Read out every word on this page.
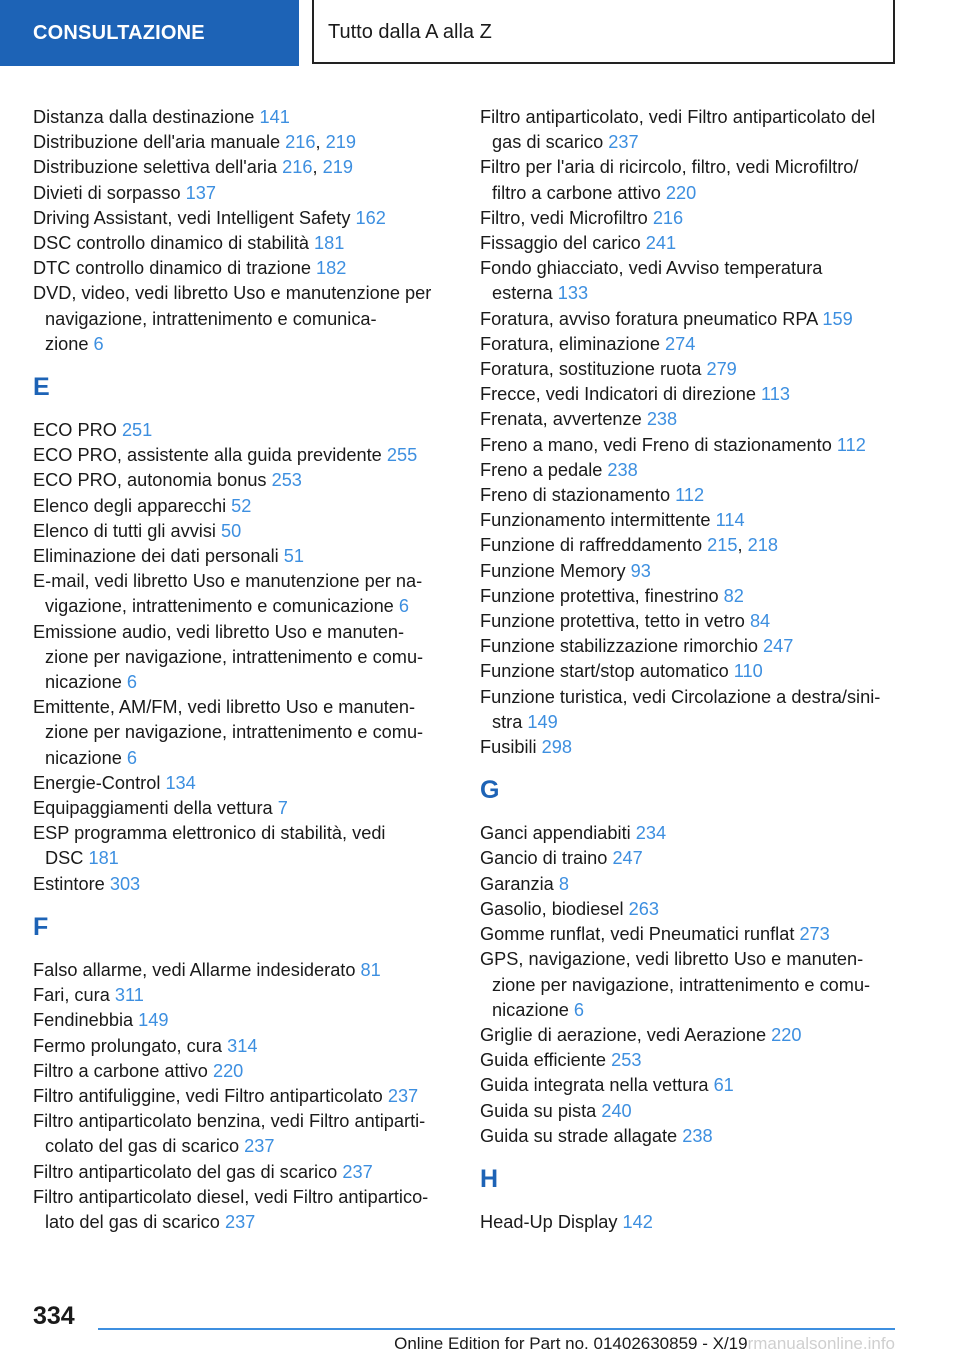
CONSULTAZIONE	Tutto dalla A alla Z
Distanza dalla destinazione 141
Distribuzione dell'aria manuale 216, 219
Distribuzione selettiva dell'aria 216, 219
Divieti di sorpasso 137
Driving Assistant, vedi Intelligent Safety 162
DSC controllo dinamico di stabilità 181
DTC controllo dinamico di trazione 182
DVD, video, vedi libretto Uso e manutenzione per
navigazione, intrattenimento e comunica-
zione 6
E
ECO PRO 251
ECO PRO, assistente alla guida previdente 255
ECO PRO, autonomia bonus 253
Elenco degli apparecchi 52
Elenco di tutti gli avvisi 50
Eliminazione dei dati personali 51
E-mail, vedi libretto Uso e manutenzione per na-
vigazione, intrattenimento e comunicazione 6
Emissione audio, vedi libretto Uso e manuten-
zione per navigazione, intrattenimento e comu-
nicazione 6
Emittente, AM/FM, vedi libretto Uso e manuten-
zione per navigazione, intrattenimento e comu-
nicazione 6
Energie-Control 134
Equipaggiamenti della vettura 7
ESP programma elettronico di stabilità, vedi
DSC 181
Estintore 303
F
Falso allarme, vedi Allarme indesiderato 81
Fari, cura 311
Fendinebbia 149
Fermo prolungato, cura 314
Filtro a carbone attivo 220
Filtro antifuliggine, vedi Filtro antiparticolato 237
Filtro antiparticolato benzina, vedi Filtro antiparti-
colato del gas di scarico 237
Filtro antiparticolato del gas di scarico 237
Filtro antiparticolato diesel, vedi Filtro antipartico-
lato del gas di scarico 237
Filtro antiparticolato, vedi Filtro antiparticolato del
gas di scarico 237
Filtro per l'aria di ricircolo, filtro, vedi Microfiltro/
filtro a carbone attivo 220
Filtro, vedi Microfiltro 216
Fissaggio del carico 241
Fondo ghiacciato, vedi Avviso temperatura
esterna 133
Foratura, avviso foratura pneumatico RPA 159
Foratura, eliminazione 274
Foratura, sostituzione ruota 279
Frecce, vedi Indicatori di direzione 113
Frenata, avvertenze 238
Freno a mano, vedi Freno di stazionamento 112
Freno a pedale 238
Freno di stazionamento 112
Funzionamento intermittente 114
Funzione di raffreddamento 215, 218
Funzione Memory 93
Funzione protettiva, finestrino 82
Funzione protettiva, tetto in vetro 84
Funzione stabilizzazione rimorchio 247
Funzione start/stop automatico 110
Funzione turistica, vedi Circolazione a destra/sini-
stra 149
Fusibili 298
G
Ganci appendiabiti 234
Gancio di traino 247
Garanzia 8
Gasolio, biodiesel 263
Gomme runflat, vedi Pneumatici runflat 273
GPS, navigazione, vedi libretto Uso e manuten-
zione per navigazione, intrattenimento e comu-
nicazione 6
Griglie di aerazione, vedi Aerazione 220
Guida efficiente 253
Guida integrata nella vettura 61
Guida su pista 240
Guida su strade allagate 238
H
Head-Up Display 142
334
Online Edition for Part no. 01402630859 - X/19rmanualsonline.info
